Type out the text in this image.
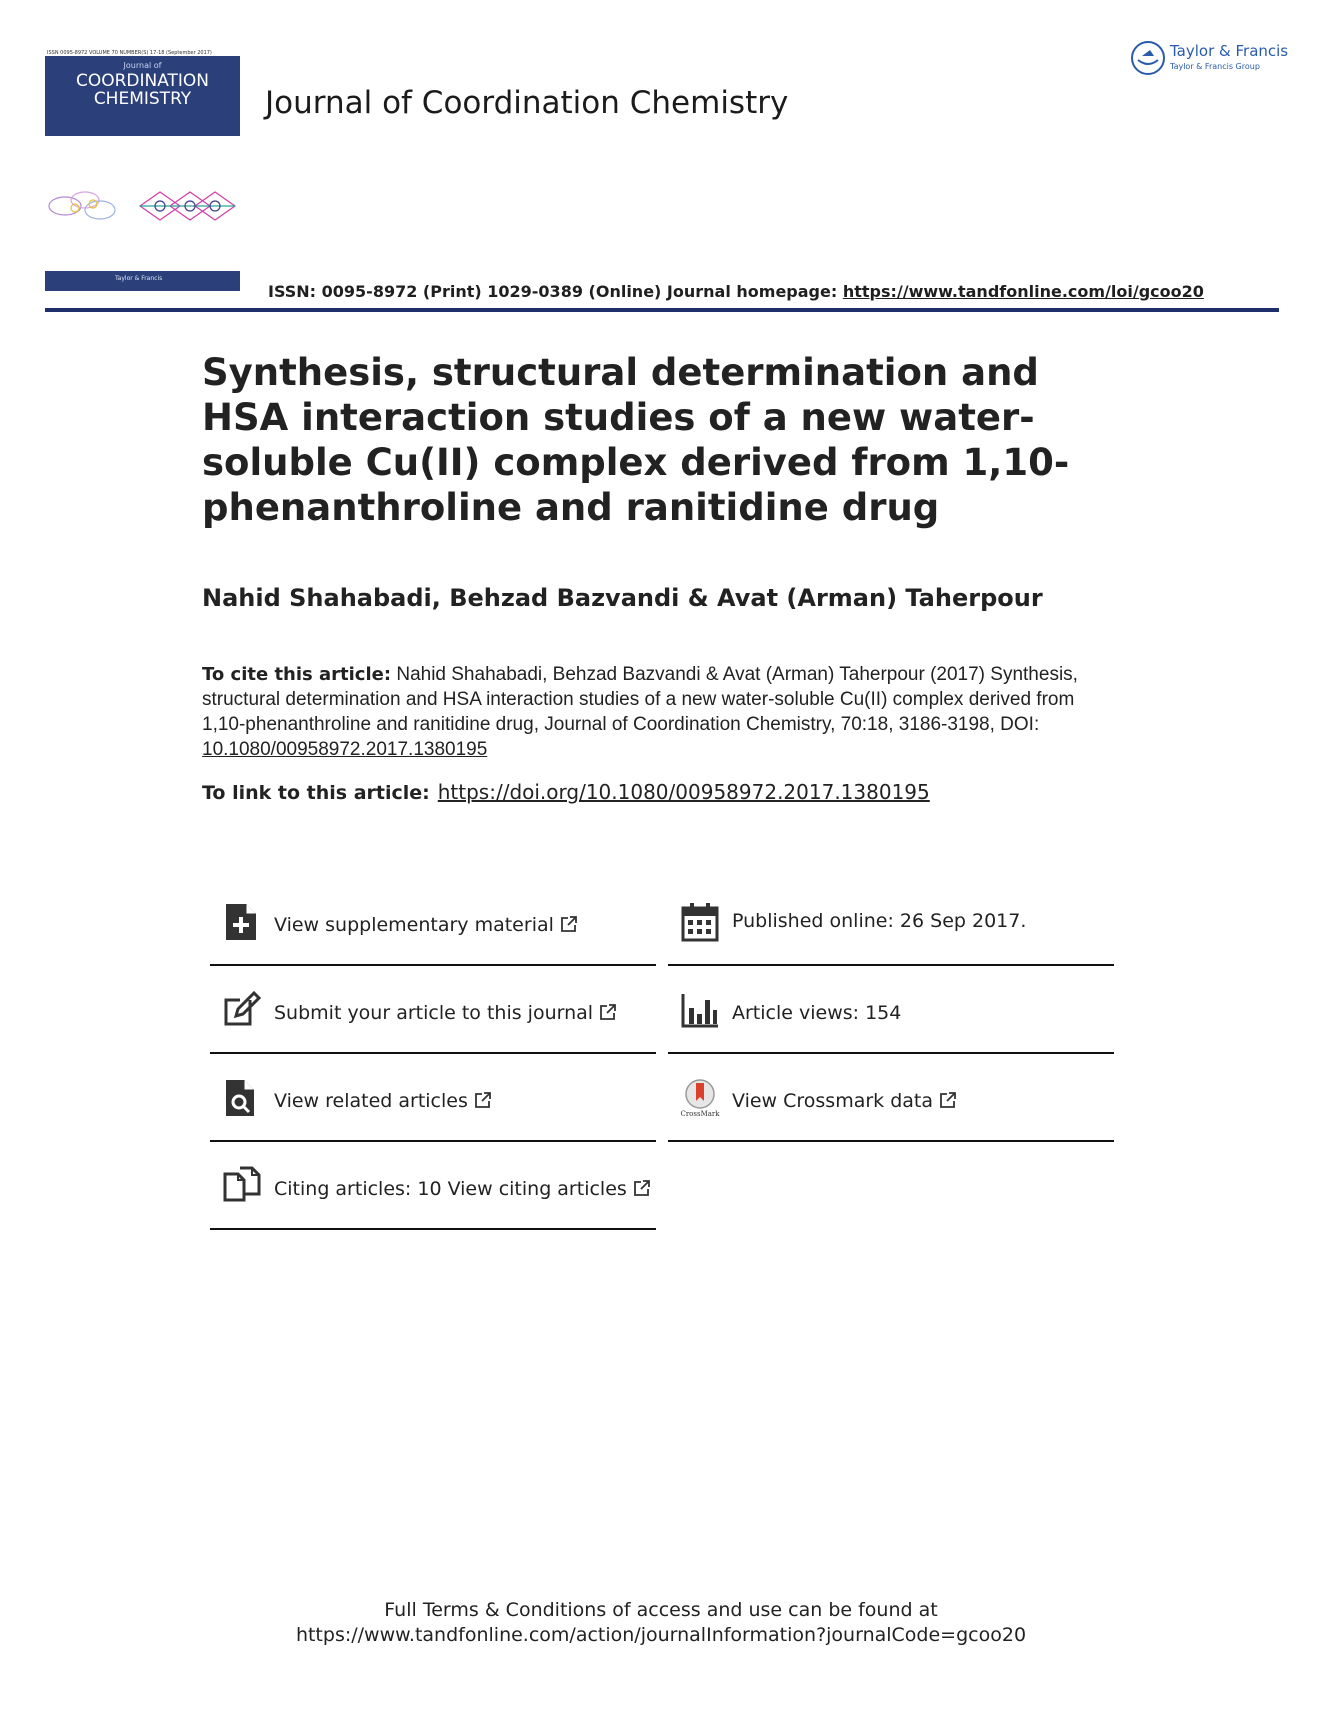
ISSN 0095-8972 VOLUME 70 NUMBER(S) 17-18 (September 2017)
Journal of
COORDINATION
CHEMISTRY
Taylor & Francis
Journal of Coordination Chemistry
ISSN: 0095-8972 (Print) 1029-0389 (Online) Journal homepage: https://www.tandfonline.com/loi/gcoo20
Taylor & Francis
Taylor & Francis Group
Synthesis, structural determination and HSA interaction studies of a new water-soluble Cu(II) complex derived from 1,10-phenanthroline and ranitidine drug
Nahid Shahabadi, Behzad Bazvandi & Avat (Arman) Taherpour
To cite this article: Nahid Shahabadi, Behzad Bazvandi & Avat (Arman) Taherpour (2017) Synthesis, structural determination and HSA interaction studies of a new water-soluble Cu(II) complex derived from 1,10-phenanthroline and ranitidine drug, Journal of Coordination Chemistry, 70:18, 3186-3198, DOI: 10.1080/00958972.2017.1380195
To link to this article: https://doi.org/10.1080/00958972.2017.1380195
View supplementary material	Published online: 26 Sep 2017.
Submit your article to this journal	Article views: 154
View related articles
CrossMark
View Crossmark data
Citing articles: 10 View citing articles
Full Terms & Conditions of access and use can be found at
https://www.tandfonline.com/action/journalInformation?journalCode=gcoo20
